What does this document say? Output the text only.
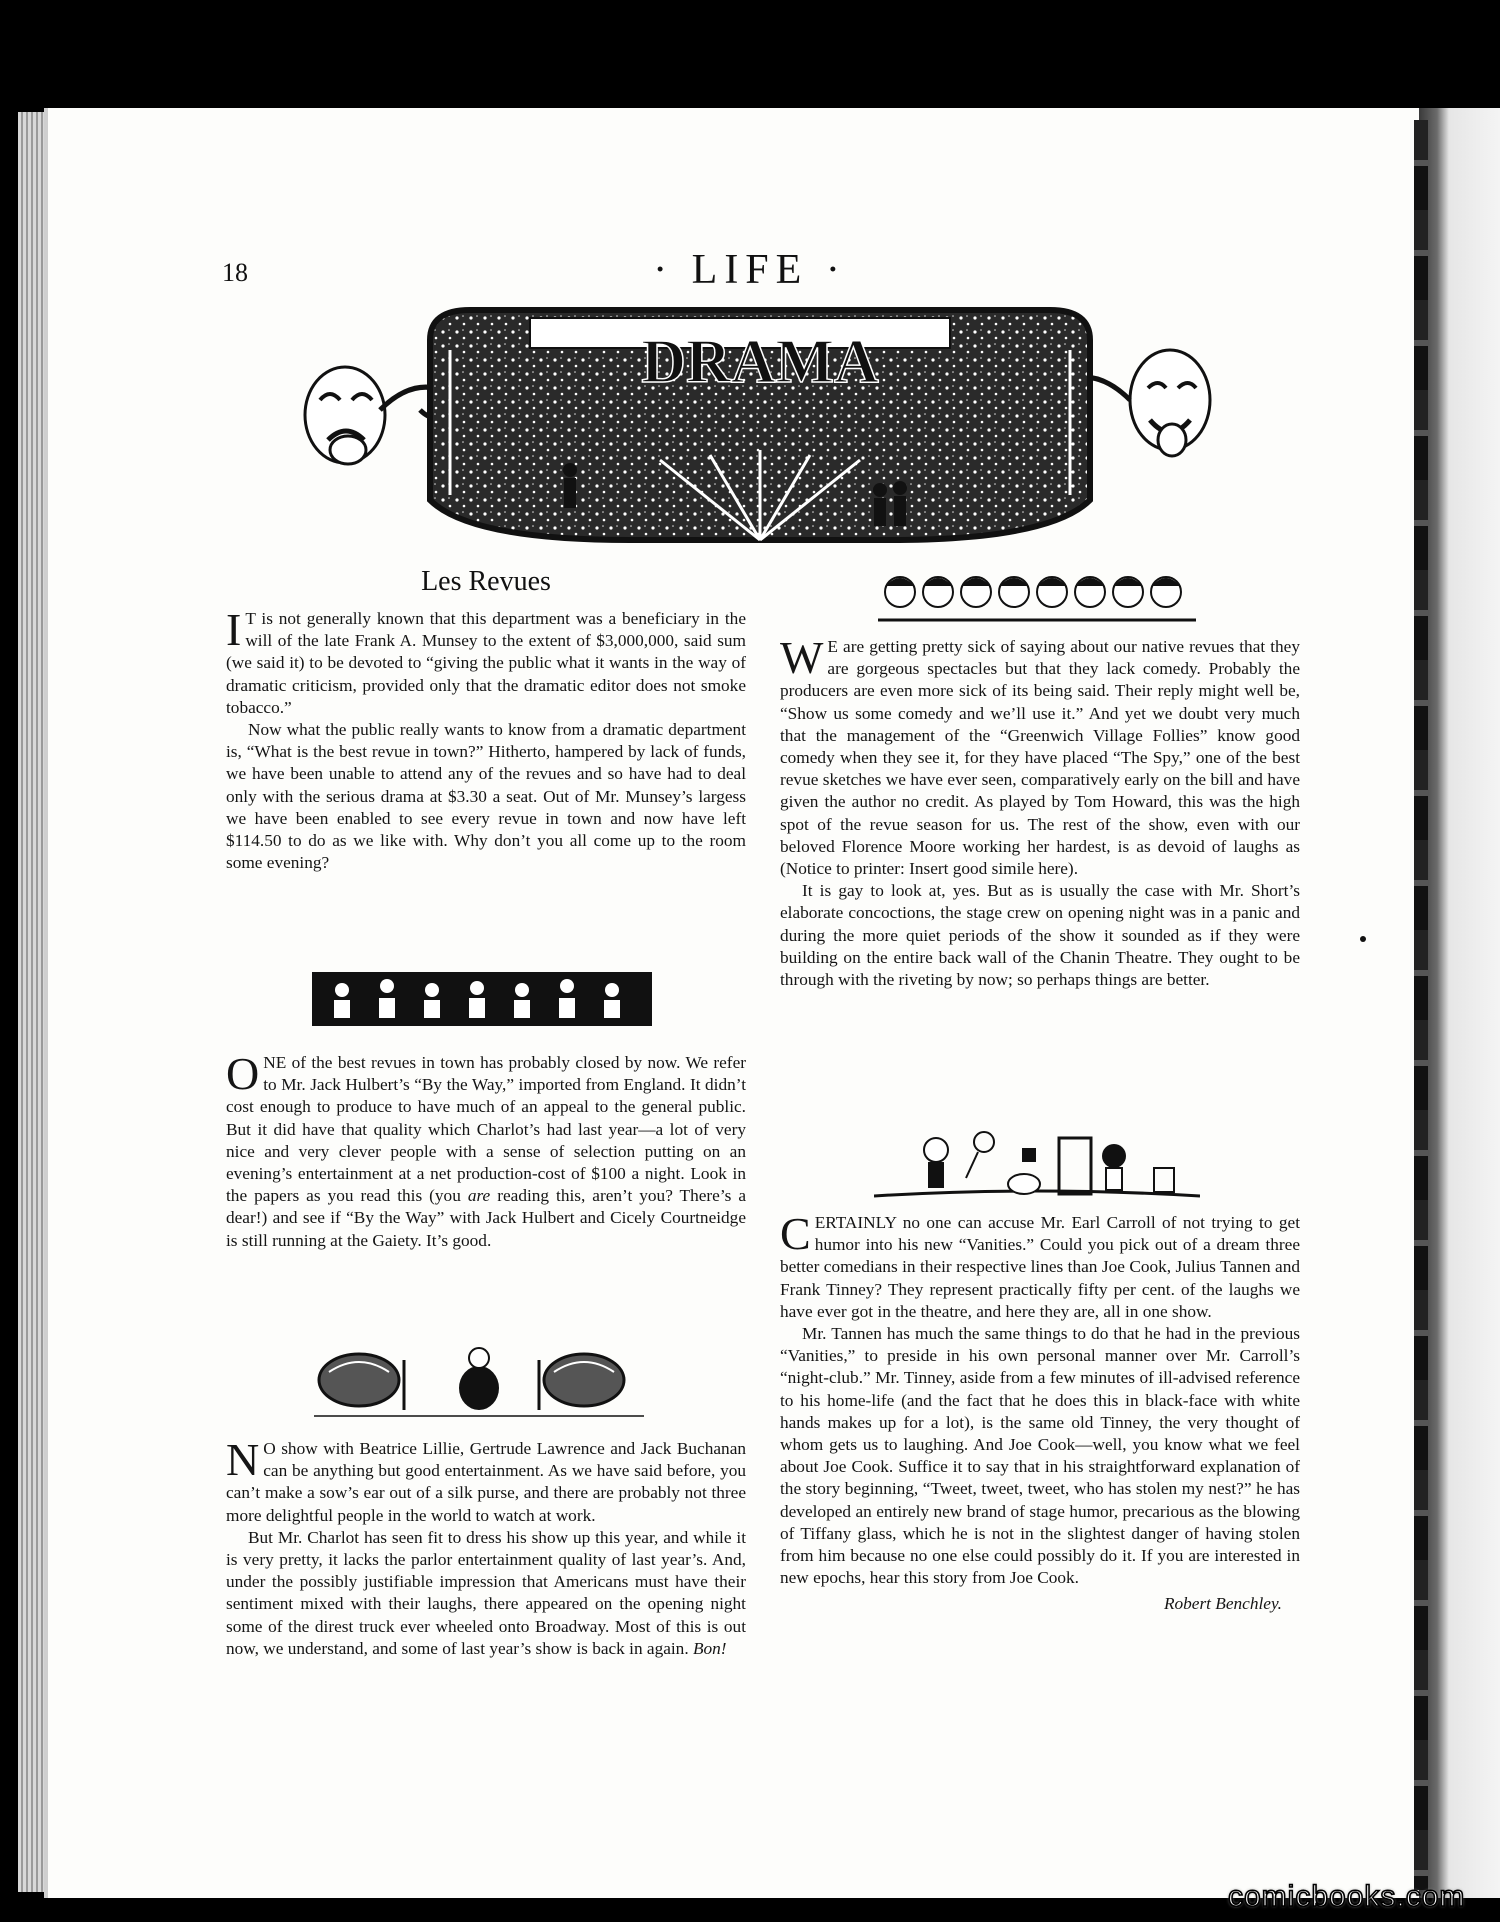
18	· LIFE ·
DRAMA
Les Revues

I T is not generally known that this department was a beneficiary in the will of the late Frank A. Munsey to the extent of $3,000,000, said sum (we said it) to be devoted to “giving the public what it wants in the way of dramatic criticism, provided only that the dramatic editor does not smoke tobacco.”

Now what the public really wants to know from a dramatic department is, “What is the best revue in town?” Hitherto, hampered by lack of funds, we have been unable to attend any of the revues and so have had to deal only with the serious drama at $3.30 a seat. Out of Mr. Munsey’s largess we have been enabled to see every revue in town and now have left $114.50 to do as we like with. Why don’t you all come up to the room some evening?

ONE of the best revues in town has probably closed by now. We refer to Mr. Jack Hulbert’s “By the Way,” imported from England. It didn’t cost enough to produce to have much of an appeal to the general public. But it did have that quality which Charlot’s had last year—a lot of very nice and very clever people with a sense of selection putting on an evening’s entertainment at a net production-cost of $100 a night. Look in the papers as you read this (you are reading this, aren’t you? There’s a dear!) and see if “By the Way” with Jack Hulbert and Cicely Courtneidge is still running at the Gaiety. It’s good.

N O show with Beatrice Lillie, Gertrude Lawrence and Jack Buchanan can be anything but good entertainment. As we have said before, you can’t make a sow’s ear out of a silk purse, and there are probably not three more delightful people in the world to watch at work.

But Mr. Charlot has seen fit to dress his show up this year, and while it is very pretty, it lacks the parlor entertainment quality of last year’s. And, under the possibly justifiable impression that Americans must have their sentiment mixed with their laughs, there appeared on the opening night some of the direst truck ever wheeled onto Broadway. Most of this is out now, we understand, and some of last year’s show is back in again. Bon!

W E are getting pretty sick of saying about our native revues that they are gorgeous spectacles but that they lack comedy. Probably the producers are even more sick of its being said. Their reply might well be, “Show us some comedy and we’ll use it.” And yet we doubt very much that the management of the “Greenwich Village Follies” know good comedy when they see it, for they have placed “The Spy,” one of the best revue sketches we have ever seen, comparatively early on the bill and have given the author no credit. As played by Tom Howard, this was the high spot of the revue season for us. The rest of the show, even with our beloved Florence Moore working her hardest, is as devoid of laughs as (Notice to printer: Insert good simile here).

It is gay to look at, yes. But as is usually the case with Mr. Short’s elaborate concoctions, the stage crew on opening night was in a panic and during the more quiet periods of the show it sounded as if they were building on the entire back wall of the Chanin Theatre. They ought to be through with the riveting by now; so perhaps things are better.

CERTAINLY no one can accuse Mr. Earl Carroll of not trying to get humor into his new “Vanities.” Could you pick out of a dream three better comedians in their respective lines than Joe Cook, Julius Tannen and Frank Tinney? They represent practically fifty per cent. of the laughs we have ever got in the theatre, and here they are, all in one show.

Mr. Tannen has much the same things to do that he had in the previous “Vanities,” to preside in his own personal manner over Mr. Carroll’s “night-club.” Mr. Tinney, aside from a few minutes of ill-advised reference to his home-life (and the fact that he does this in black-face with white hands makes up for a lot), is the same old Tinney, the very thought of whom gets us to laughing. And Joe Cook—well, you know what we feel about Joe Cook. Suffice it to say that in his straightforward explanation of the story beginning, “Tweet, tweet, tweet, who has stolen my nest?” he has developed an entirely new brand of stage humor, precarious as the blowing of Tiffany glass, which he is not in the slightest danger of having stolen from him because no one else could possibly do it. If you are interested in new epochs, hear this story from Joe Cook.

Robert Benchley.
comicbooks.com
